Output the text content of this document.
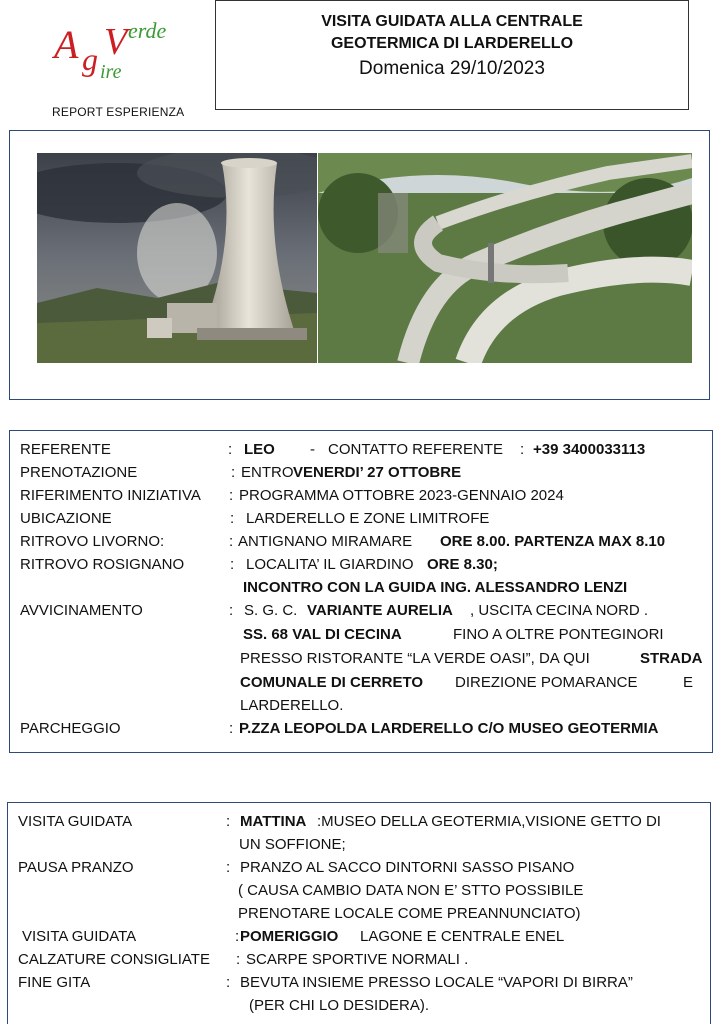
A g V erde
ire
REPORT ESPERIENZA
VISITA GUIDATA ALLA CENTRALE
GEOTERMICA DI LARDERELLO
Domenica 29/10/2023
REFERENTE	: LEO - CONTATTO REFERENTE : +39 3400033113
PRENOTAZIONE	: ENTRO VENERDI’ 27 OTTOBRE
RIFERIMENTO INIZIATIVA : PROGRAMMA OTTOBRE 2023-GENNAIO 2024
UBICAZIONE	: LARDERELLO E ZONE LIMITROFE
RITROVO LIVORNO:	: ANTIGNANO MIRAMARE ORE 8.00. PARTENZA MAX 8.10
RITROVO ROSIGNANO	: LOCALITA’ IL GIARDINO ORE 8.30;
INCONTRO CON LA GUIDA ING. ALESSANDRO LENZI
AVVICINAMENTO	: S. G. C. VARIANTE AURELIA , USCITA CECINA NORD .
SS. 68 VAL DI CECINA	FINO A OLTRE PONTEGINORI
PRESSO RISTORANTE “LA VERDE OASI”, DA QUI	STRADA
COMUNALE DI CERRETO DIREZIONE POMARANCE	E
LARDERELLO.
PARCHEGGIO	: P.ZZA LEOPOLDA LARDERELLO C/O MUSEO GEOTERMIA
VISITA GUIDATA	: MATTINA :MUSEO DELLA GEOTERMIA,VISIONE GETTO DI
UN SOFFIONE;
PAUSA PRANZO	: PRANZO AL SACCO DINTORNI SASSO PISANO
( CAUSA CAMBIO DATA NON E’ STTO POSSIBILE
PRENOTARE LOCALE COME PREANNUNCIATO)
VISITA GUIDATA	: POMERIGGIO LAGONE E CENTRALE ENEL
CALZATURE CONSIGLIATE : SCARPE SPORTIVE NORMALI .
FINE GITA	: BEVUTA INSIEME PRESSO LOCALE “VAPORI DI BIRRA”
(PER CHI LO DESIDERA).
